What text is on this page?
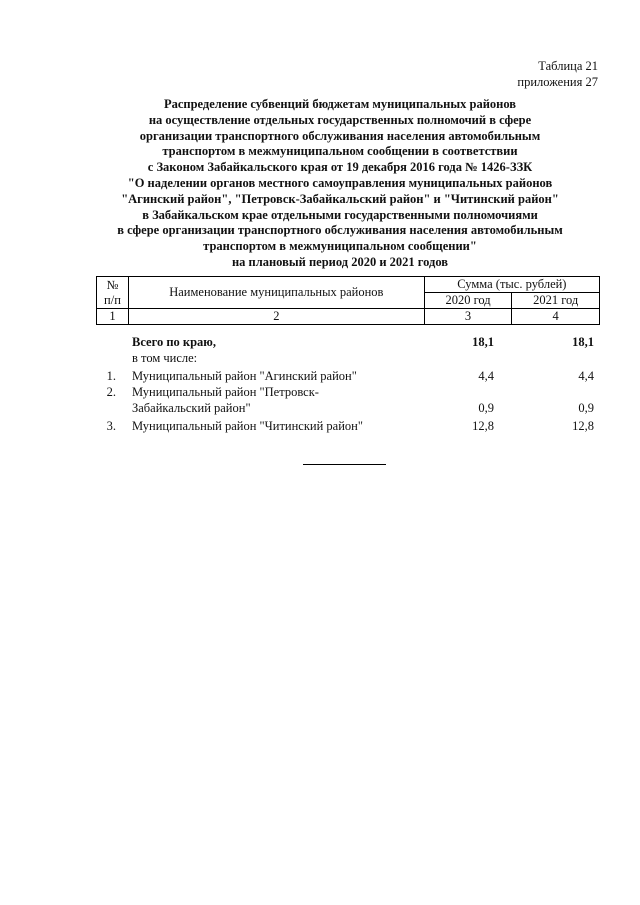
Таблица 21
приложения 27
Распределение субвенций бюджетам муниципальных районов
на осуществление отдельных государственных полномочий в сфере
организации транспортного обслуживания населения автомобильным
транспортом в межмуниципальном сообщении в соответствии
с Законом Забайкальского края от 19 декабря 2016 года № 1426-ЗЗК
"О наделении органов местного самоуправления муниципальных районов
"Агинский район", "Петровск-Забайкальский район" и "Читинский район"
в Забайкальском крае отдельными государственными полномочиями
в сфере организации транспортного обслуживания населения автомобильным
транспортом в межмуниципальном сообщении"
на плановый период 2020 и 2021 годов
№
п/п	Наименование муниципальных районов	Сумма (тыс. рублей)	
		2020 год	2021 год
1	2	3	4
Всего по краю,	18,1	18,1
в том числе:
1. Муниципальный район "Агинский район"	4,4	4,4
2. Муниципальный район "Петровск-
Забайкальский район"	0,9	0,9
3. Муниципальный район "Читинский район"	12,8	12,8
